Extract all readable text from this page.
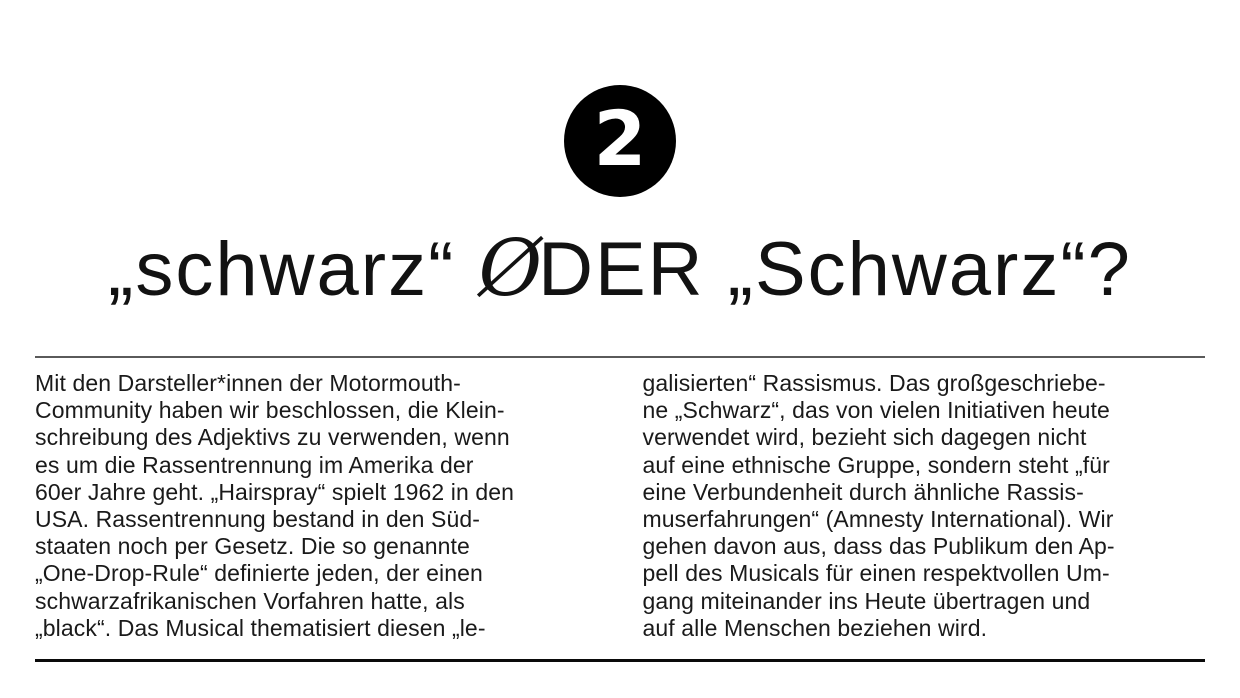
2
„schwarz“ ØDER „Schwarz“?
Mit den Darsteller*innen der Motormouth-
Community haben wir beschlossen, die Klein-
schreibung des Adjektivs zu verwenden, wenn
es um die Rassentrennung im Amerika der
60er Jahre geht. „Hairspray“ spielt 1962 in den
USA. Rassentrennung bestand in den Süd-
staaten noch per Gesetz. Die so genannte
„One-Drop-Rule“ definierte jeden, der einen
schwarzafrikanischen Vorfahren hatte, als
„black“. Das Musical thematisiert diesen „le-
galisierten“ Rassismus. Das großgeschriebe-
ne „Schwarz“, das von vielen Initiativen heute
verwendet wird, bezieht sich dagegen nicht
auf eine ethnische Gruppe, sondern steht „für
eine Verbundenheit durch ähnliche Rassis-
muserfahrungen“ (Amnesty International). Wir
gehen davon aus, dass das Publikum den Ap-
pell des Musicals für einen respektvollen Um-
gang miteinander ins Heute übertragen und
auf alle Menschen beziehen wird.
